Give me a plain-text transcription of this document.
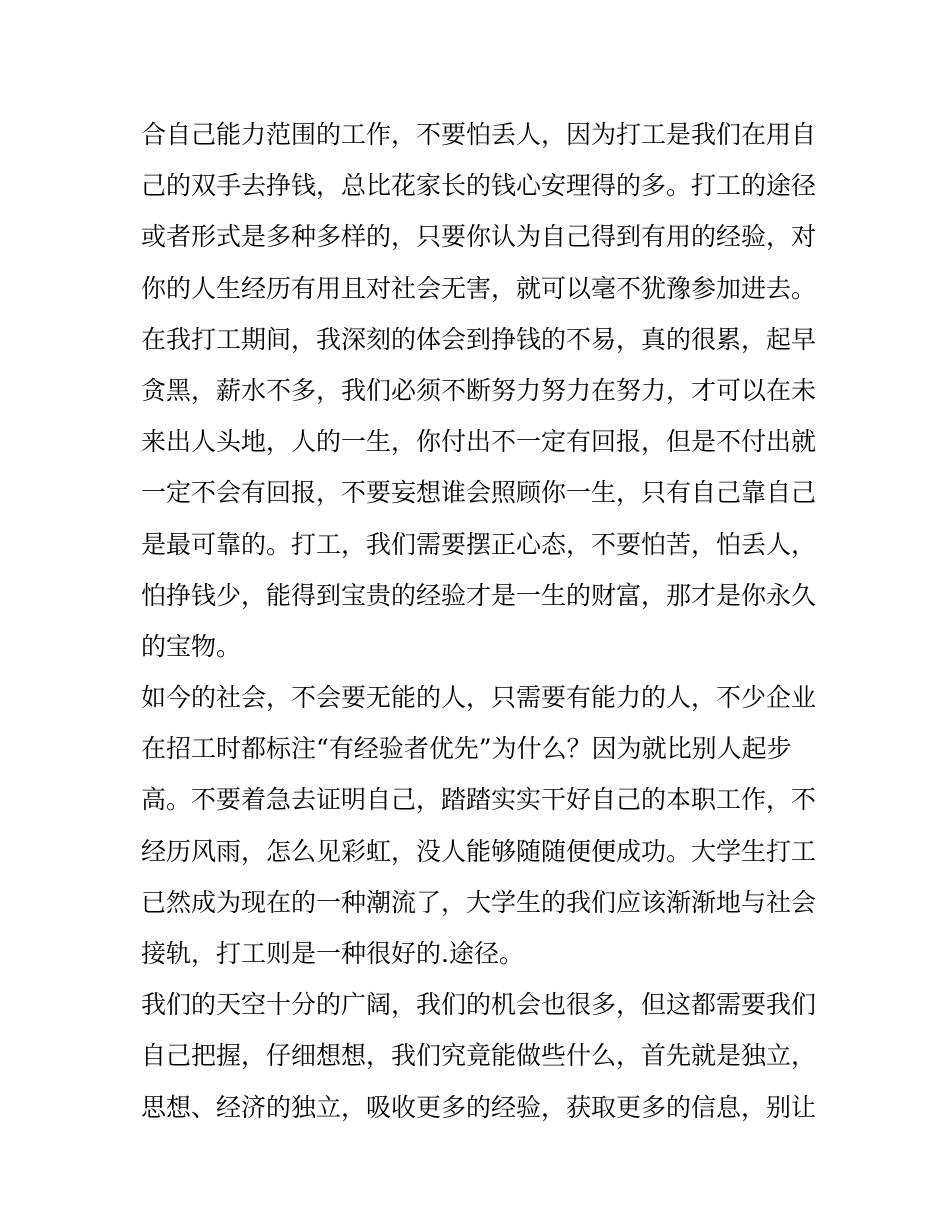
合自己能力范围的工作，不要怕丢人，因为打工是我们在用自

己的双手去挣钱，总比花家长的钱心安理得的多。打工的途径

或者形式是多种多样的，只要你认为自己得到有用的经验，对

你的人生经历有用且对社会无害，就可以毫不犹豫参加进去。

在我打工期间，我深刻的体会到挣钱的不易，真的很累，起早

贪黑，薪水不多，我们必须不断努力努力在努力，才可以在未

来出人头地，人的一生，你付出不一定有回报，但是不付出就

一定不会有回报，不要妄想谁会照顾你一生，只有自己靠自己

是最可靠的。打工，我们需要摆正心态，不要怕苦，怕丢人，

怕挣钱少，能得到宝贵的经验才是一生的财富，那才是你永久

的宝物。

如今的社会，不会要无能的人，只需要有能力的人，不少企业

在招工时都标注“有经验者优先”为什么？因为就比别人起步

高。不要着急去证明自己，踏踏实实干好自己的本职工作，不

经历风雨，怎么见彩虹，没人能够随随便便成功。大学生打工

已然成为现在的一种潮流了，大学生的我们应该渐渐地与社会

接轨，打工则是一种很好的.途径。

我们的天空十分的广阔，我们的机会也很多，但这都需要我们

自己把握，仔细想想，我们究竟能做些什么，首先就是独立，

思想、经济的独立，吸收更多的经验，获取更多的信息，别让
